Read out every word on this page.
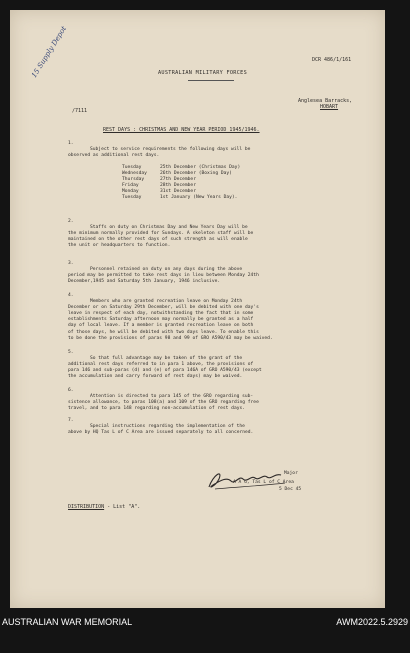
15 Supply Depot	DCR 486/1/161
AUSTRALIAN MILITARY FORCES
Anglesea Barracks,
HOBART
/7111
REST DAYS : CHRISTMAS AND NEW YEAR PERIOD 1945/1946.
1.
Subject to service requirements the following days will be
observed as additional rest days.
Tuesday	25th December (Christmas Day)
Wednesday	26th December (Boxing Day)
Thursday	27th December
Friday	28th December
Monday	31st December
Tuesday	1st January (New Years Day).
2.
Staffs on duty on Christmas Day and New Years Day will be
the minimum normally provided for Sundays. A skeleton staff will be
maintained on the other rest days of such strength as will enable
the unit or headquarters to function.
3.
Personnel retained on duty on any days during the above
period may be permitted to take rest days in lieu between Monday 24th
December,1945 and Saturday 5th January, 1946 inclusive.
4.
Members who are granted recreation leave on Monday 24th
December or on Saturday 29th December, will be debited with one day's
leave in respect of each day, notwithstanding the fact that in some
establishments Saturday afternoon may normally be granted as a half
day of local leave. If a member is granted recreation leave on both
of those days, he will be debited with two days leave. To enable this
to be done the provisions of paras 98 and 99 of GRO A590/43 may be waived.
5.
So that full advantage may be taken of the grant of the
additional rest days referred to in para 1 above, the provisions of
para 146 and sub-paras (d) and (e) of para 146A of GRO A590/43 (except
the accumulation and carry forward of rest days) may be waived.
6.
Attention is directed to para 145 of the GRO regarding sub-
sistence allowance, to paras 108(a) and 109 of the GRO regarding free
travel, and to para 148 regarding non-accumulation of rest days.
7.
Special instructions regarding the implementation of the
above by HQ Tas L of C Area are issued separately to all concerned.
Major
A A G, Tas L of C Area
5 Dec 45
DISTRIBUTION - List "A".
AUSTRALIAN WAR MEMORIAL	AWM2022.5.2929
